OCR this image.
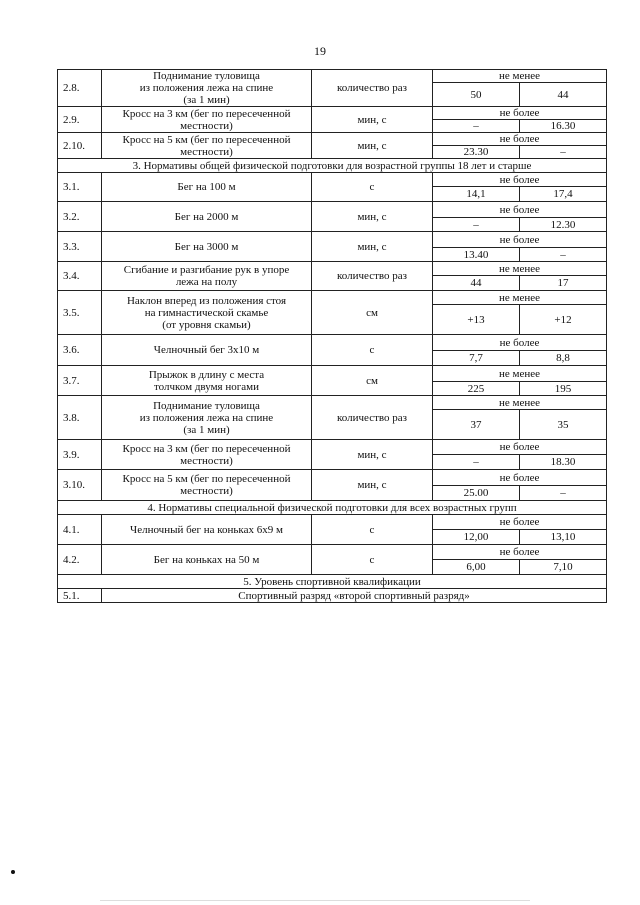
19
2.8.	Поднимание туловища
из положения лежа на спине
(за 1 мин)	количество раз	не менее	
			50	44
2.9.	Кросс на 3 км (бег по пересеченной
местности)	мин, с	не более	
			–	16.30
2.10.	Кросс на 5 км (бег по пересеченной
местности)	мин, с	не более	
			23.30	–
3. Нормативы общей физической подготовки для возрастной группы 18 лет и старше				
3.1.	Бег на 100 м	с	не более	
			14,1	17,4
3.2.	Бег на 2000 м	мин, с	не более	
			–	12.30
3.3.	Бег на 3000 м	мин, с	не более	
			13.40	–
3.4.	Сгибание и разгибание рук в упоре
лежа на полу	количество раз	не менее	
			44	17
3.5.	Наклон вперед из положения стоя
на гимнастической скамье
(от уровня скамьи)	см	не менее	
			+13	+12
3.6.	Челночный бег 3х10 м	с	не более	
			7,7	8,8
3.7.	Прыжок в длину с места
толчком двумя ногами	см	не менее	
			225	195
3.8.	Поднимание туловища
из положения лежа на спине
(за 1 мин)	количество раз	не менее	
			37	35
3.9.	Кросс на 3 км (бег по пересеченной
местности)	мин, с	не более	
			–	18.30
3.10.	Кросс на 5 км (бег по пересеченной
местности)	мин, с	не более	
			25.00	–
4. Нормативы специальной физической подготовки для всех возрастных групп				
4.1.	Челночный бег на коньках 6х9 м	с	не более	
			12,00	13,10
4.2.	Бег на коньках на 50 м	с	не более	
			6,00	7,10
5. Уровень спортивной квалификации				
5.1.	Спортивный разряд «второй спортивный разряд»			
